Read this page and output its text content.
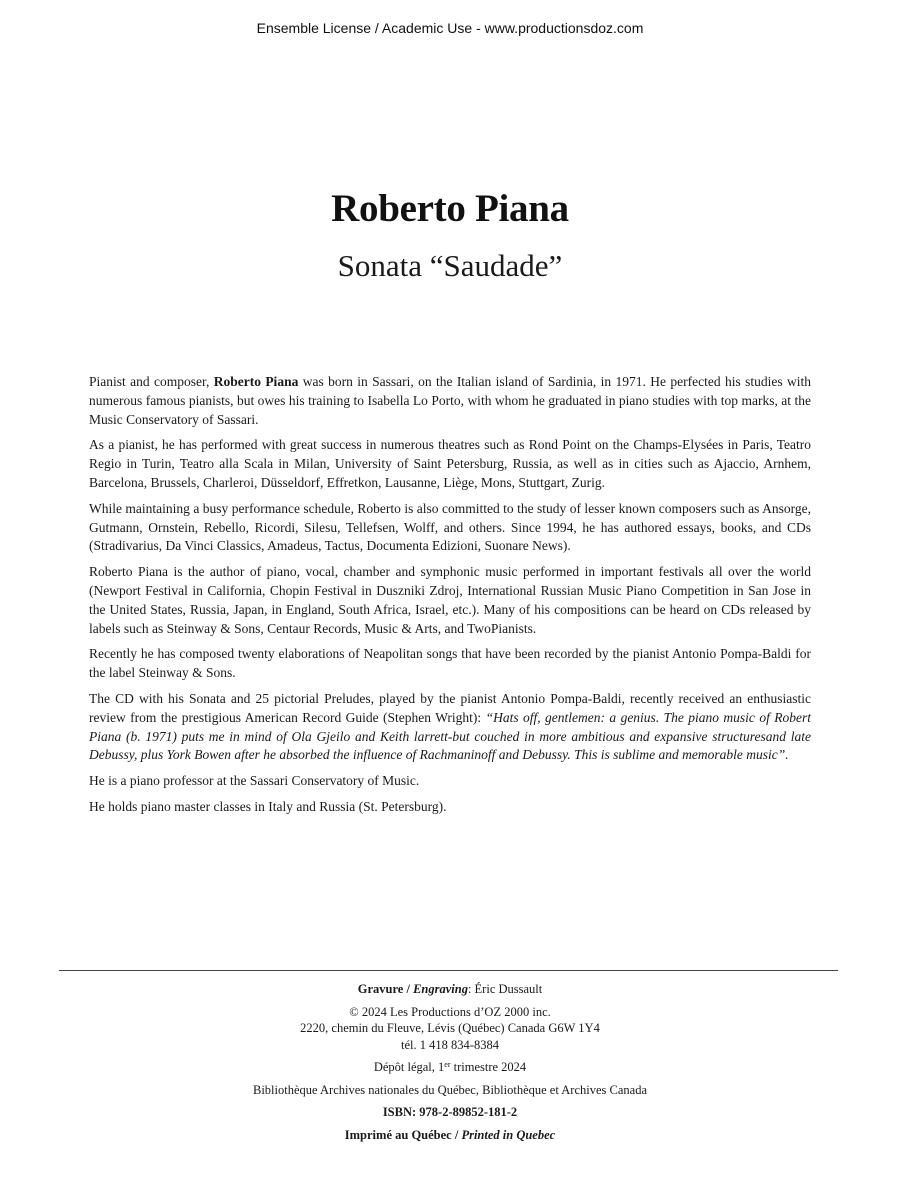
Ensemble License / Academic Use - www.productionsdoz.com
Roberto Piana
Sonata “Saudade”

Pianist and composer, Roberto Piana was born in Sassari, on the Italian island of Sardinia, in 1971. He perfected his studies with numerous famous pianists, but owes his training to Isabella Lo Porto, with whom he graduated in piano studies with top marks, at the Music Conservatory of Sassari.

As a pianist, he has performed with great success in numerous theatres such as Rond Point on the Champs-Elysées in Paris, Teatro Regio in Turin, Teatro alla Scala in Milan, University of Saint Petersburg, Russia, as well as in cities such as Ajaccio, Arnhem, Barcelona, Brussels, Charleroi, Düsseldorf, Effretkon, Lausanne, Liège, Mons, Stuttgart, Zurig.

While maintaining a busy performance schedule, Roberto is also committed to the study of lesser known composers such as Ansorge, Gutmann, Ornstein, Rebello, Ricordi, Silesu, Tellefsen, Wolff, and others. Since 1994, he has authored essays, books, and CDs (Stradivarius, Da Vinci Classics, Amadeus, Tactus, Documenta Edizioni, Suonare News).

Roberto Piana is the author of piano, vocal, chamber and symphonic music performed in important festivals all over the world (Newport Festival in California, Chopin Festival in Duszniki Zdroj, International Russian Music Piano Competition in San Jose in the United States, Russia, Japan, in England, South Africa, Israel, etc.). Many of his compositions can be heard on CDs released by labels such as Steinway & Sons, Centaur Records, Music & Arts, and TwoPianists.

Recently he has composed twenty elaborations of Neapolitan songs that have been recorded by the pianist Antonio Pompa-Baldi for the label Steinway & Sons.

The CD with his Sonata and 25 pictorial Preludes, played by the pianist Antonio Pompa-Baldi, recently received an enthusiastic review from the prestigious American Record Guide (Stephen Wright): “Hats off, gentlemen: a genius. The piano music of Robert Piana (b. 1971) puts me in mind of Ola Gjeilo and Keith larrett-but couched in more ambitious and expansive structuresand late Debussy, plus York Bowen after he absorbed the influence of Rachmaninoff and Debussy. This is sublime and memorable music”.

He is a piano professor at the Sassari Conservatory of Music.

He holds piano master classes in Italy and Russia (St. Petersburg).

Gravure / Engraving: Éric Dussault
© 2024 Les Productions d’OZ 2000 inc.
2220, chemin du Fleuve, Lévis (Québec) Canada G6W 1Y4
tél. 1 418 834-8384
Dépôt légal, 1er trimestre 2024
Bibliothèque Archives nationales du Québec, Bibliothèque et Archives Canada
ISBN: 978-2-89852-181-2
Imprimé au Québec / Printed in Quebec
